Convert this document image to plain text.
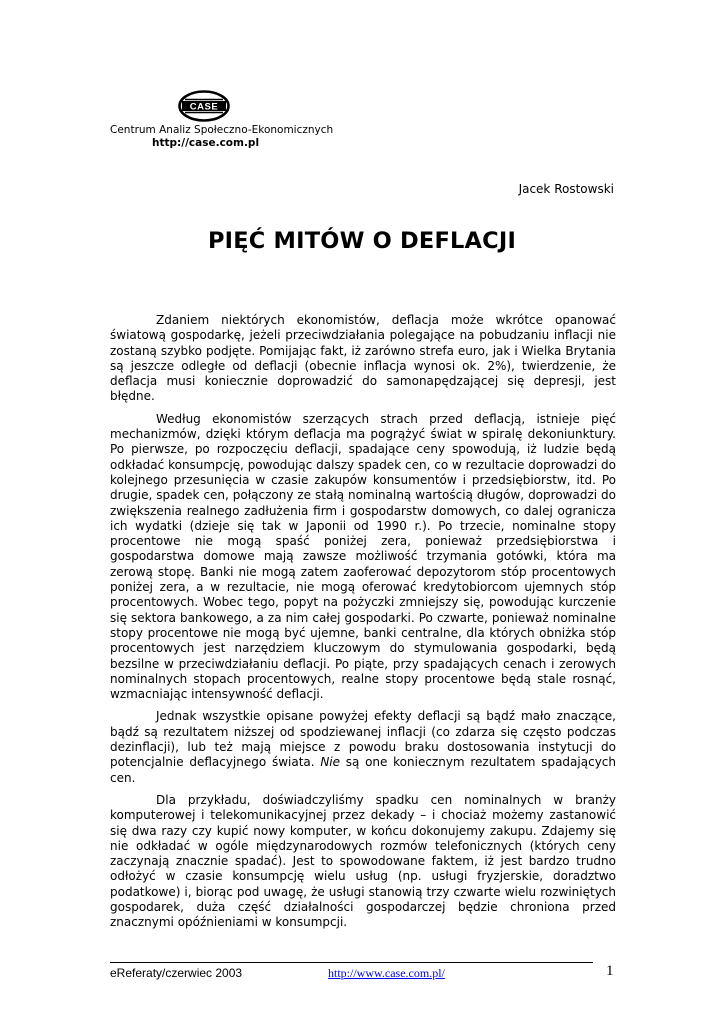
CASE
Centrum Analiz Społeczno-Ekonomicznych
http://case.com.pl
Jacek Rostowski
PIĘĆ MITÓW O DEFLACJI

Zdaniem niektórych ekonomistów, deflacja może wkrótce opanować światową gospodarkę, jeżeli przeciwdziałania polegające na pobudzaniu inflacji nie zostaną szybko podjęte. Pomijając fakt, iż zarówno strefa euro, jak i Wielka Brytania są jeszcze odległe od deflacji (obecnie inflacja wynosi ok. 2%), twierdzenie, że deflacja musi koniecznie doprowadzić do samonapędzającej się depresji, jest błędne.

Według ekonomistów szerzących strach przed deflacją, istnieje pięć mechanizmów, dzięki którym deflacja ma pogrążyć świat w spiralę dekoniunktury. Po pierwsze, po rozpoczęciu deflacji, spadające ceny spowodują, iż ludzie będą odkładać konsumpcję, powodując dalszy spadek cen, co w rezultacie doprowadzi do kolejnego przesunięcia w czasie zakupów konsumentów i przedsiębiorstw, itd. Po drugie, spadek cen, połączony ze stałą nominalną wartością długów, doprowadzi do zwiększenia realnego zadłużenia firm i gospodarstw domowych, co dalej ogranicza ich wydatki (dzieje się tak w Japonii od 1990 r.). Po trzecie, nominalne stopy procentowe nie mogą spaść poniżej zera, ponieważ przedsiębiorstwa i gospodarstwa domowe mają zawsze możliwość trzymania gotówki, która ma zerową stopę. Banki nie mogą zatem zaoferować depozytorom stóp procentowych poniżej zera, a w rezultacie, nie mogą oferować kredytobiorcom ujemnych stóp procentowych. Wobec tego, popyt na pożyczki zmniejszy się, powodując kurczenie się sektora bankowego, a za nim całej gospodarki. Po czwarte, ponieważ nominalne stopy procentowe nie mogą być ujemne, banki centralne, dla których obniżka stóp procentowych jest narzędziem kluczowym do stymulowania gospodarki, będą bezsilne w przeciwdziałaniu deflacji. Po piąte, przy spadających cenach i zerowych nominalnych stopach procentowych, realne stopy procentowe będą stale rosnąć, wzmacniając intensywność deflacji.

Jednak wszystkie opisane powyżej efekty deflacji są bądź mało znaczące, bądź są rezultatem niższej od spodziewanej inflacji (co zdarza się często podczas dezinflacji), lub też mają miejsce z powodu braku dostosowania instytucji do potencjalnie deflacyjnego świata. Nie są one koniecznym rezultatem spadających cen.

Dla przykładu, doświadczyliśmy spadku cen nominalnych w branży komputerowej i telekomunikacyjnej przez dekady – i chociaż możemy zastanowić się dwa razy czy kupić nowy komputer, w końcu dokonujemy zakupu. Zdajemy się nie odkładać w ogóle międzynarodowych rozmów telefonicznych (których ceny zaczynają znacznie spadać). Jest to spowodowane faktem, iż jest bardzo trudno odłożyć w czasie konsumpcję wielu usług (np. usługi fryzjerskie, doradztwo podatkowe) i, biorąc pod uwagę, że usługi stanowią trzy czwarte wielu rozwiniętych gospodarek, duża część działalności gospodarczej będzie chroniona przed znacznymi opóźnieniami w konsumpcji.

eReferaty/czerwiec 2003	http://www.case.com.pl/	1
